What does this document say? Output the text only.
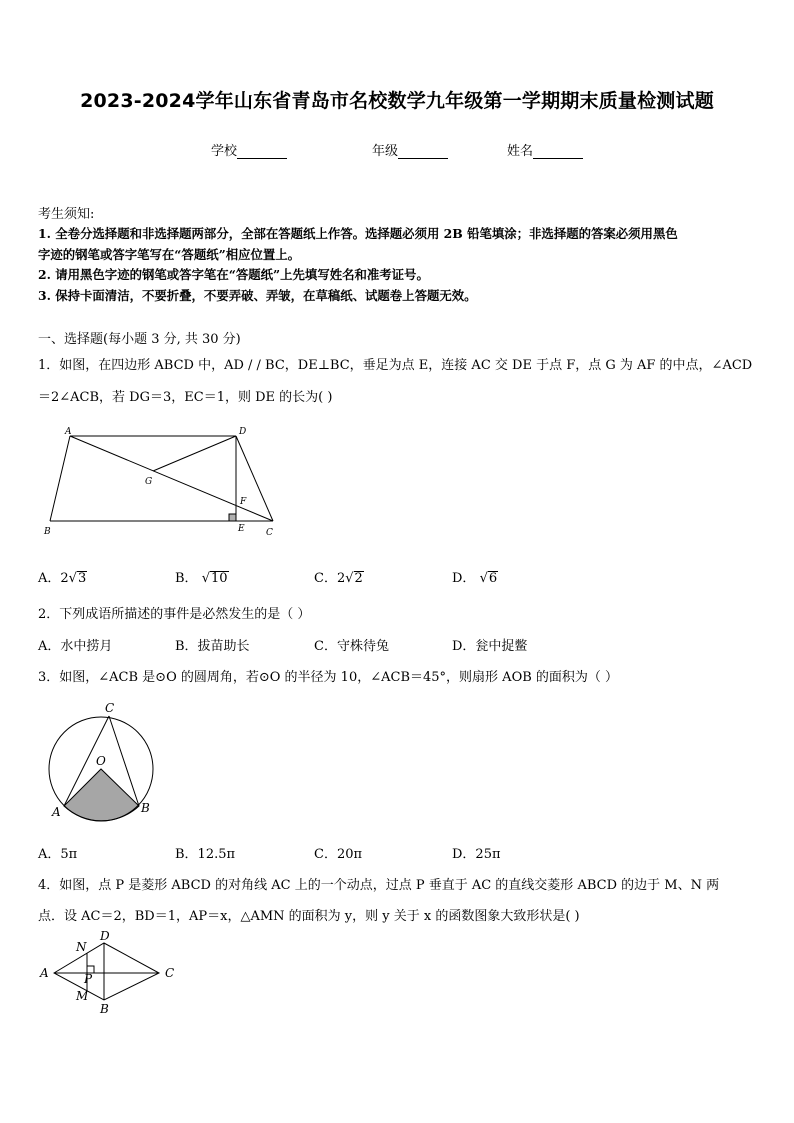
2023-2024学年山东省青岛市名校数学九年级第一学期期末质量检测试题
学校	年级	姓名
考生须知:
1. 全卷分选择题和非选择题两部分，全部在答题纸上作答。选择题必须用 2B 铅笔填涂；非选择题的答案必须用黑色
字迹的钢笔或答字笔写在“答题纸”相应位置上。
2. 请用黑色字迹的钢笔或答字笔在“答题纸”上先填写姓名和准考证号。
3. 保持卡面清洁，不要折叠，不要弄破、弄皱，在草稿纸、试题卷上答题无效。
一、选择题(每小题 3 分, 共 30 分)
1．如图，在四边形 ABCD 中，AD / / BC，DE⊥BC，垂足为点 E，连接 AC 交 DE 于点 F，点 G 为 AF 的中点，∠ACD
＝2∠ACB，若 DG＝3，EC＝1，则 DE 的长为( )
A	D
G
F
B	E C
A．2√3	B． √10	C．2√2	D． √6
2．下列成语所描述的事件是必然发生的是（ ）
A．水中捞月	B．拔苗助长	C．守株待兔	D．瓮中捉鳖
3．如图，∠ACB 是⊙O 的圆周角，若⊙O 的半径为 10，∠ACB＝45°，则扇形 AOB 的面积为（ ）
C
O
A	B
A．5π	B．12.5π	C．20π	D．25π
4．如图，点 P 是菱形 ABCD 的对角线 AC 上的一个动点，过点 P 垂直于 AC 的直线交菱形 ABCD 的边于 M、N 两
点．设 AC＝2，BD＝1，AP＝x，△AMN 的面积为 y，则 y 关于 x 的函数图象大致形状是( )
N
D
A	P	C
M
B
